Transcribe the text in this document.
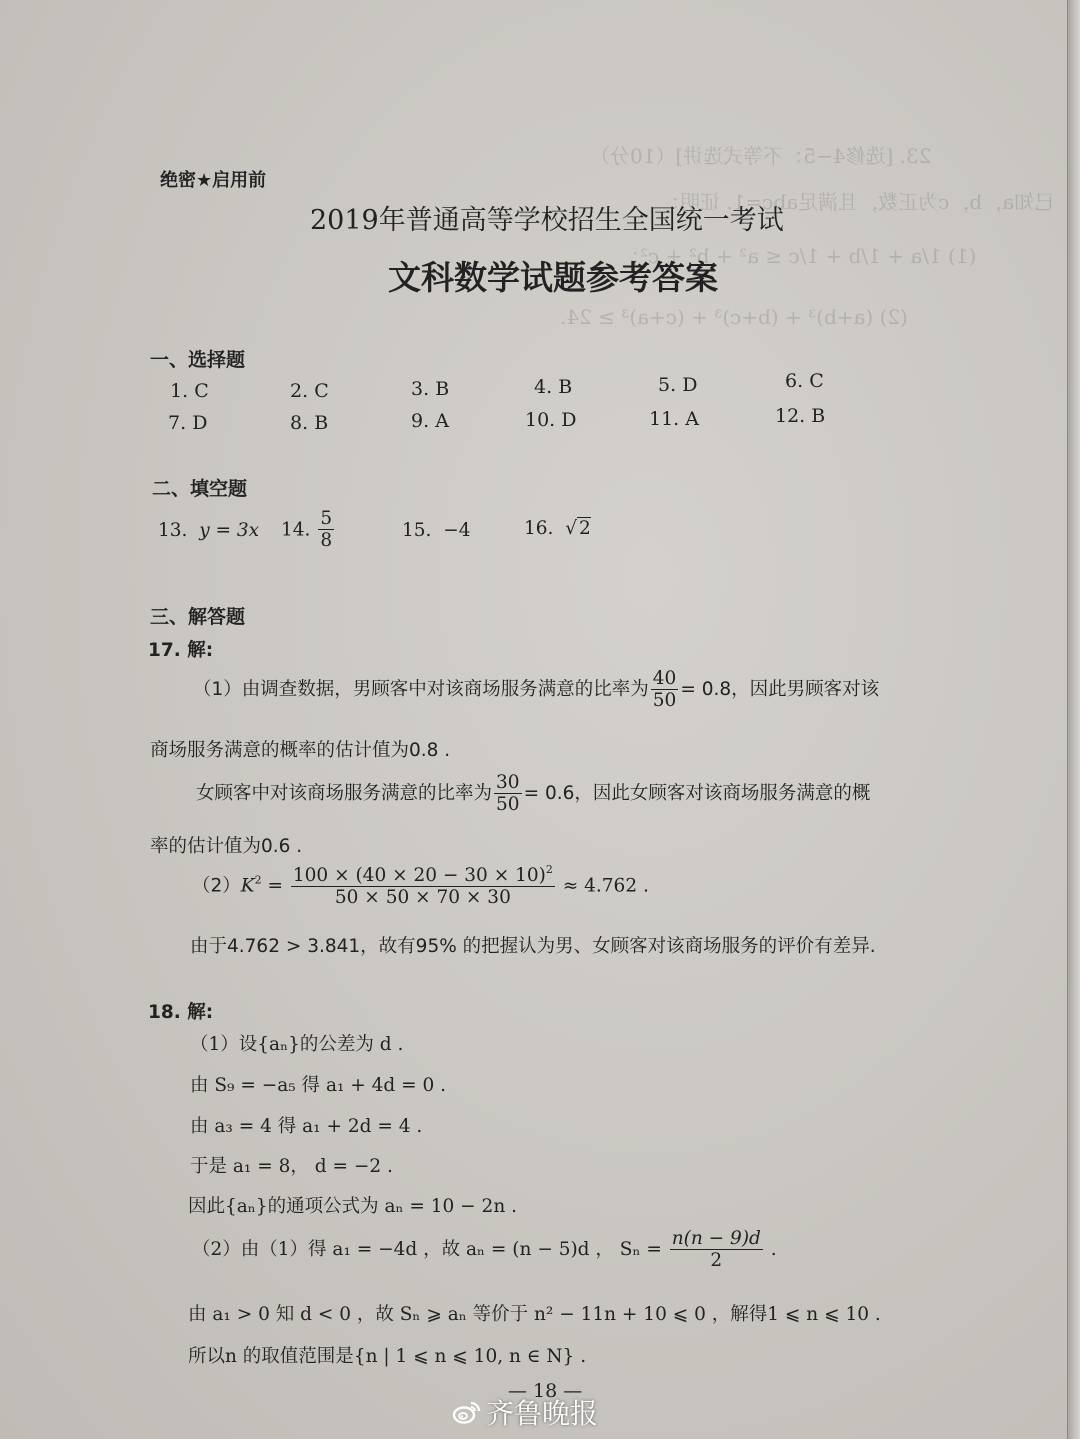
23. [选修4−5：不等式选讲]（10分）
已知a，b，c为正数，且满足abc=1. 证明：
(1) 1/a + 1/b + 1/c ≤ a² + b² + c²；
(2) (a+b)³ + (b+c)³ + (c+a)³ ≥ 24.
绝密★启用前
2019年普通高等学校招生全国统一考试
文科数学试题参考答案
一、选择题
1. C	2. C	3. B	4. B	5. D	6. C
7. D	8. B	9. A	10. D	11. A	12. B
二、填空题
13. y = 3x 14. $\frac{5}{8}$	15. −4	16. √ 2
三、解答题
17. 解:
（1）由调查数据，男顾客中对该商场服务满意的比率为 $\frac{40}{50} = 0.8$，因此男顾客对该
商场服务满意的概率的估计值为0.8 .
女顾客中对该商场服务满意的比率为 $\frac{30}{50} = 0.6$，因此女顾客对该商场服务满意的概
率的估计值为0.6 .
$(2)K^2 = \frac{100 \times (40 \times 20 - 30 \times 10)^2}{50 \times 50 \times 70 \times 30} \approx 4.762$ .
由于4.762 > 3.841，故有95% 的把握认为男、女顾客对该商场服务的评价有差异.
18. 解:
（1）设{aₙ}的公差为 d .
由 S₉ = −a₅ 得 a₁ + 4d = 0 .
由 a₃ = 4 得 a₁ + 2d = 4 .
于是 a₁ = 8， d = −2 .
因此{aₙ}的通项公式为 aₙ = 10 − 2n .
（2）由（1）得 a₁ = −4d ，故 aₙ = (n − 5)d ， $S_n = \frac{n(n - 9)d}{2}$ .
由 a₁ > 0 知 d < 0 ，故 Sₙ ⩾ aₙ 等价于 n² − 11n + 10 ⩽ 0 ，解得1 ⩽ n ⩽ 10 .
所以n 的取值范围是{n | 1 ⩽ n ⩽ 10, n ∈ N} .
— 18 —
齐鲁晚报
